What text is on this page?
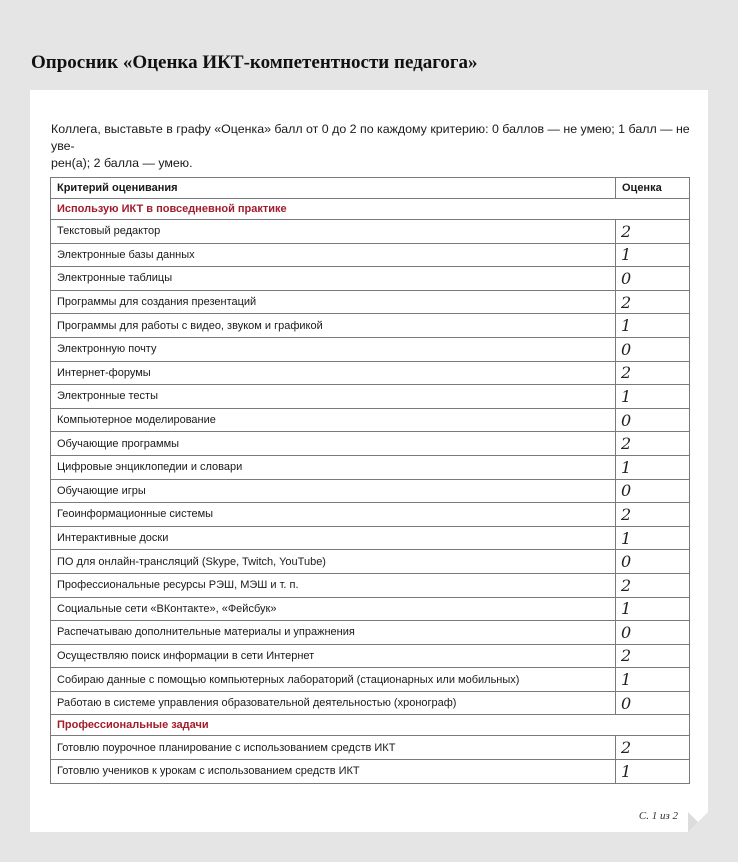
Опросник «Оценка ИКТ-компетентности педагога»

Коллега, выставьте в графу «Оценка» балл от 0 до 2 по каждому критерию: 0 баллов — не умею; 1 балл — не уве-
рен(а); 2 балла — умею.

Критерий оценивания	Оценка
Использую ИКТ в повседневной практике	
Текстовый редактор	2
Электронные базы данных	1
Электронные таблицы	0
Программы для создания презентаций	2
Программы для работы с видео, звуком и графикой	1
Электронную почту	0
Интернет-форумы	2
Электронные тесты	1
Компьютерное моделирование	0
Обучающие программы	2
Цифровые энциклопедии и словари	1
Обучающие игры	0
Геоинформационные системы	2
Интерактивные доски	1
ПО для онлайн-трансляций (Skype, Twitch, YouTube)	0
Профессиональные ресурсы РЭШ, МЭШ и т. п.	2
Социальные сети «ВКонтакте», «Фейсбук»	1
Распечатываю дополнительные материалы и упражнения	0
Осуществляю поиск информации в сети Интернет	2
Собираю данные с помощью компьютерных лабораторий (стационарных или мобильных)	1
Работаю в системе управления образовательной деятельностью (хронограф)	0
Профессиональные задачи	
Готовлю поурочное планирование с использованием средств ИКТ	2
Готовлю учеников к урокам с использованием средств ИКТ	1
С. 1 из 2
